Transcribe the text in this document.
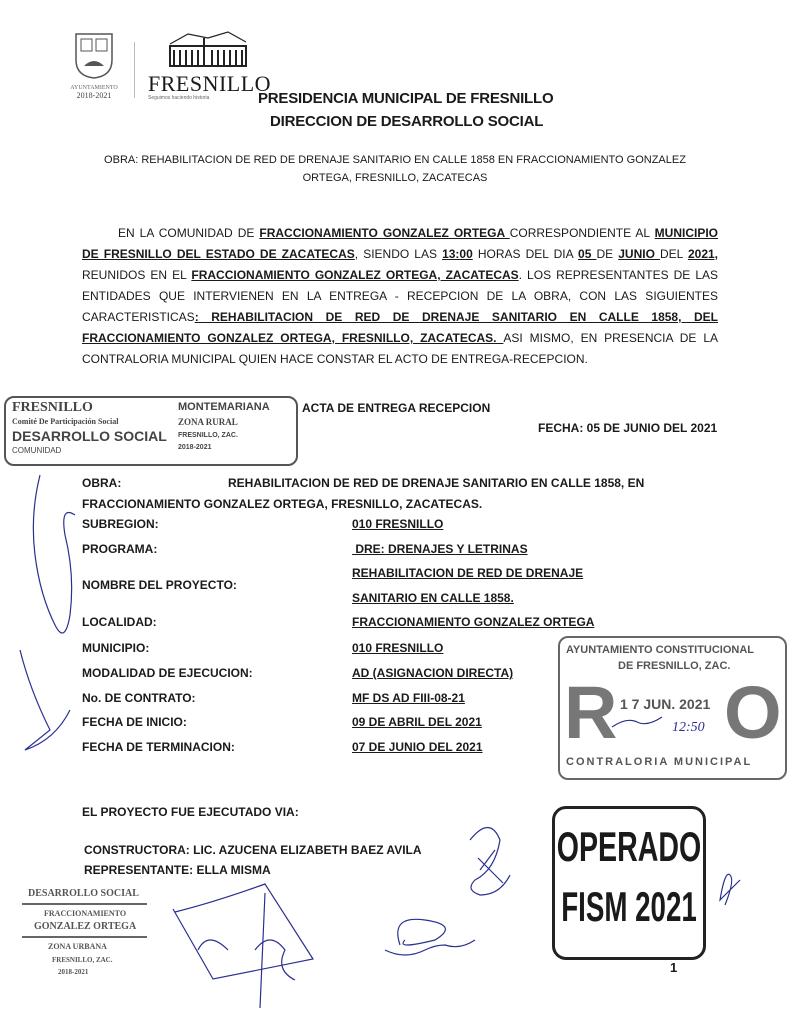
AYUNTAMIENTO
2018-2021	FRESNILLO
Seguimos haciendo historia	PRESIDENCIA MUNICIPAL DE FRESNILLO
DIRECCION DE DESARROLLO SOCIAL
OBRA: REHABILITACION DE RED DE DRENAJE SANITARIO EN CALLE 1858 EN FRACCIONAMIENTO GONZALEZ
ORTEGA, FRESNILLO, ZACATECAS
EN LA COMUNIDAD DE FRACCIONAMIENTO GONZALEZ ORTEGA CORRESPONDIENTE AL MUNICIPIO DE FRESNILLO DEL ESTADO DE ZACATECAS, SIENDO LAS 13:00 HORAS DEL DIA 05 DE JUNIO DEL 2021, REUNIDOS EN EL FRACCIONAMIENTO GONZALEZ ORTEGA, ZACATECAS. LOS REPRESENTANTES DE LAS ENTIDADES QUE INTERVIENEN EN LA ENTREGA - RECEPCION DE LA OBRA, CON LAS SIGUIENTES CARACTERISTICAS: REHABILITACION DE RED DE DRENAJE SANITARIO EN CALLE 1858, DEL FRACCIONAMIENTO GONZALEZ ORTEGA, FRESNILLO, ZACATECAS. ASI MISMO, EN PRESENCIA DE LA CONTRALORIA MUNICIPAL QUIEN HACE CONSTAR EL ACTO DE ENTREGA-RECEPCION.
FRESNILLO
Comité De Participación Social
DESARROLLO SOCIAL
COMUNIDAD
MONTEMARIANA
ZONA RURAL
FRESNILLO, ZAC.
2018-2021
ACTA DE ENTREGA RECEPCION
FECHA: 05 DE JUNIO DEL 2021
OBRA:	REHABILITACION DE RED DE DRENAJE SANITARIO EN CALLE 1858, EN
FRACCIONAMIENTO GONZALEZ ORTEGA, FRESNILLO, ZACATECAS.
SUBREGION:	010 FRESNILLO
PROGRAMA:	DRE: DRENAJES Y LETRINAS
NOMBRE DEL PROYECTO:
REHABILITACION DE RED DE DRENAJE
SANITARIO EN CALLE 1858.
LOCALIDAD:	FRACCIONAMIENTO GONZALEZ ORTEGA
MUNICIPIO:	010 FRESNILLO
MODALIDAD DE EJECUCION:	AD (ASIGNACION DIRECTA)
No. DE CONTRATO:	MF DS AD FIII-08-21
FECHA DE INICIO:	09 DE ABRIL DEL 2021
FECHA DE TERMINACION:	07 DE JUNIO DEL 2021
EL PROYECTO FUE EJECUTADO VIA:
CONSTRUCTORA: LIC. AZUCENA ELIZABETH BAEZ AVILA
REPRESENTANTE: ELLA MISMA
AYUNTAMIENTO CONSTITUCIONAL
DE FRESNILLO, ZAC.
R O
1 7 JUN. 2021
12:50
CONTRALORIA MUNICIPAL
OPERADO
FISM 2021
DESARROLLO SOCIAL
FRACCIONAMIENTO
GONZALEZ ORTEGA
ZONA URBANA
FRESNILLO, ZAC.
2018-2021	1
